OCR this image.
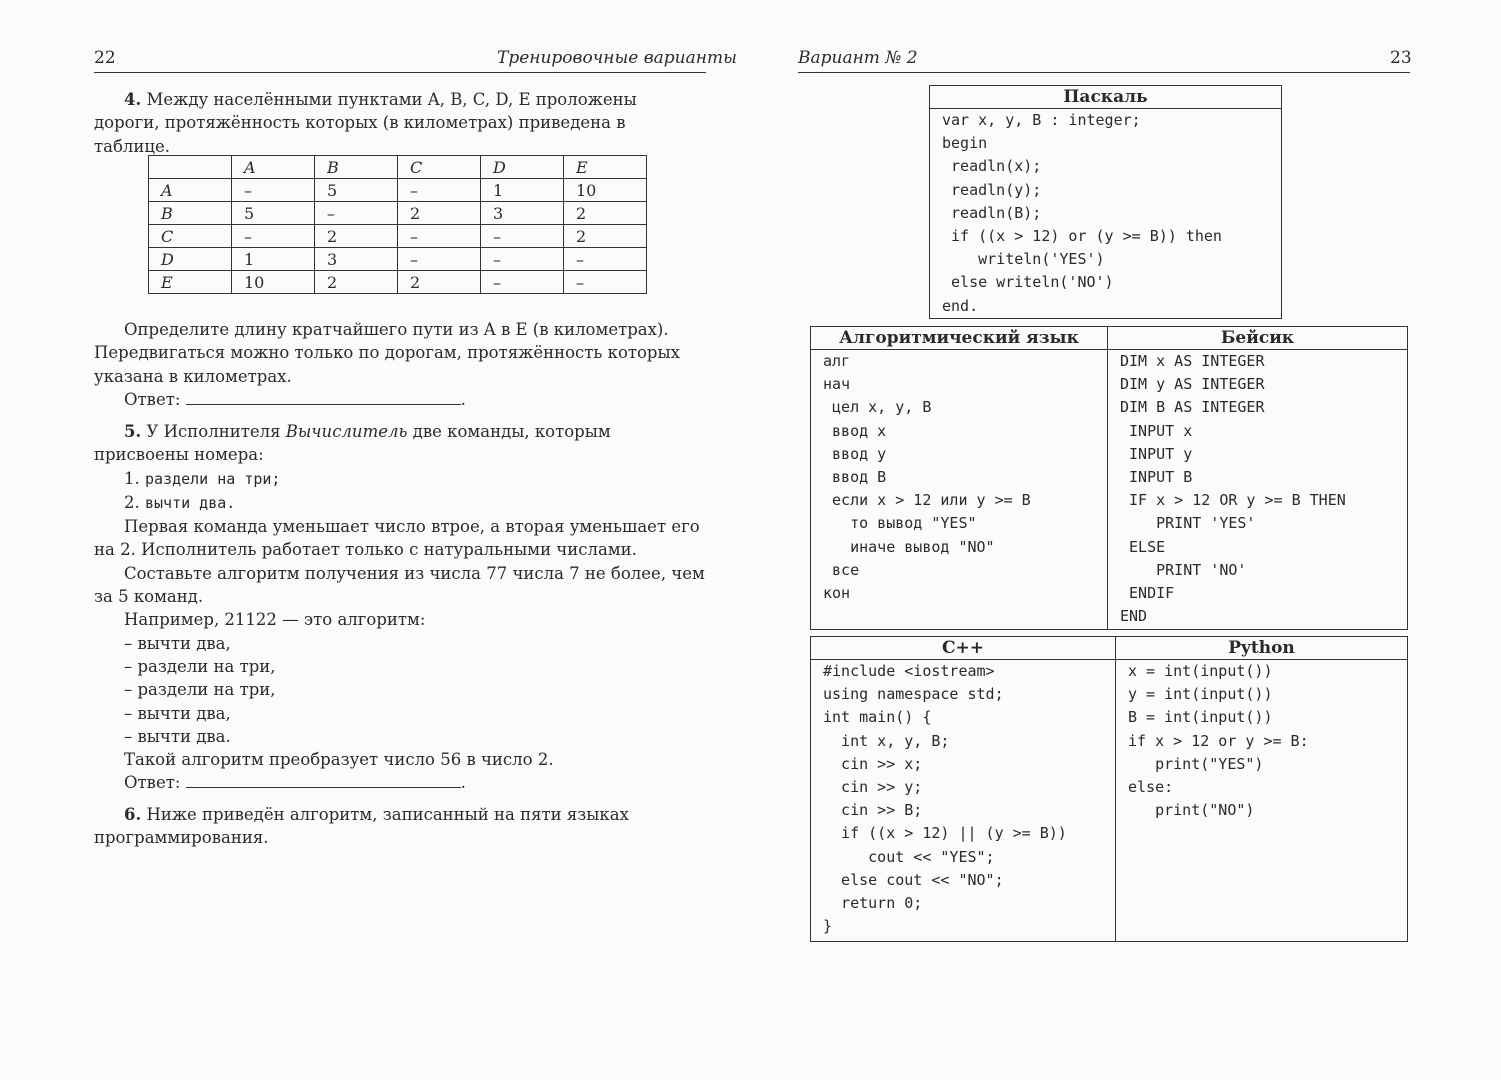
22	Тренировочные варианты

4. Между населёнными пунктами A, B, C, D, E проложены дороги, протяжённость которых (в километрах) приведена в таблице.

	A	B	C	D	E
A	–	5	–	1	10
B	5	–	2	3	2
C	–	2	–	–	2
D	1	3	–	–	–
E	10	2	2	–	–

Определите длину кратчайшего пути из A в E (в километрах). Передвигаться можно только по дорогам, протяжённость которых указана в километрах.

Ответ:	.

5. У Исполнителя Вычислитель две команды, которым присвоены номера:

1. раздели на три;

2. вычти два.

Первая команда уменьшает число втрое, а вторая уменьшает его на 2. Исполнитель работает только с натуральными числами.

Составьте алгоритм получения из числа 77 числа 7 не более, чем за 5 команд.

Например, 21122 — это алгоритм:

– вычти два,

– раздели на три,

– раздели на три,

– вычти два,

– вычти два.

Такой алгоритм преобразует число 56 в число 2.

Ответ:	.

6. Ниже приведён алгоритм, записанный на пяти языках программирования.

Вариант № 2	23
Паскаль
var x, y, B : integer;
begin
readln(x);
readln(y);
readln(B);
if ((x > 12) or (y >= B)) then
writeln('YES')
else writeln('NO')
end.
Алгоритмический язык
алг
нач
цел x, y, B
ввод x
ввод y
ввод B
если x > 12 или y >= B
то вывод "YES"
иначе вывод "NO"
все
кон
Бейсик
DIM x AS INTEGER
DIM y AS INTEGER
DIM B AS INTEGER
INPUT x
INPUT y
INPUT B
IF x > 12 OR y >= B THEN
PRINT 'YES'
ELSE
PRINT 'NO'
ENDIF
END
C++
#include <iostream>
using namespace std;
int main() {
int x, y, B;
cin >> x;
cin >> y;
cin >> B;
if ((x > 12) || (y >= B))
cout << "YES";
else cout << "NO";
return 0;
}
Python
x = int(input())
y = int(input())
B = int(input())
if x > 12 or y >= B:
print("YES")
else:
print("NO")
